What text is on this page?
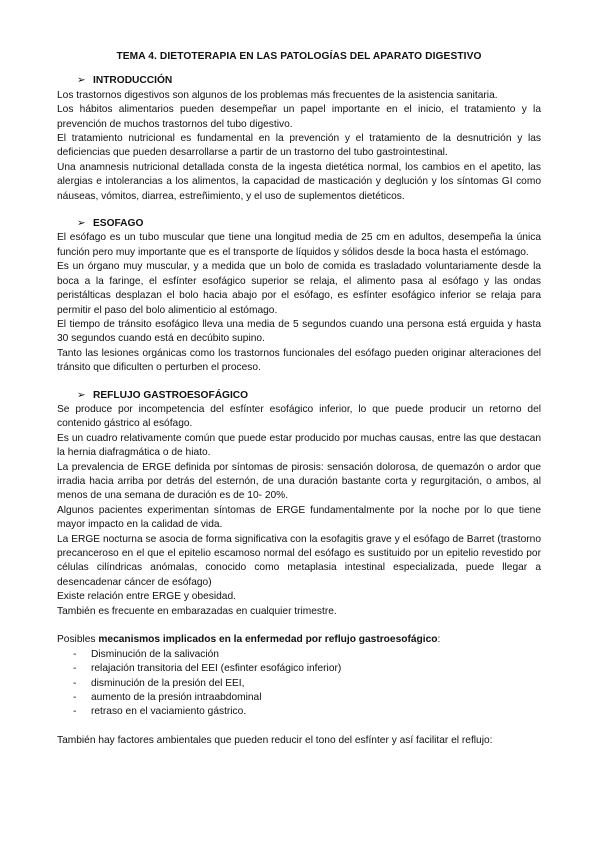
TEMA 4. DIETOTERAPIA EN LAS PATOLOGÍAS DEL APARATO DIGESTIVO
➢ INTRODUCCIÓN

Los trastornos digestivos son algunos de los problemas más frecuentes de la asistencia sanitaria.

Los hábitos alimentarios pueden desempeñar un papel importante en el inicio, el tratamiento y la prevención de muchos trastornos del tubo digestivo.

El tratamiento nutricional es fundamental en la prevención y el tratamiento de la desnutrición y las deficiencias que pueden desarrollarse a partir de un trastorno del tubo gastrointestinal.

Una anamnesis nutricional detallada consta de la ingesta dietética normal, los cambios en el apetito, las alergias e intolerancias a los alimentos, la capacidad de masticación y deglución y los síntomas GI como náuseas, vómitos, diarrea, estreñimiento, y el uso de suplementos dietéticos.

➢ ESOFAGO

El esófago es un tubo muscular que tiene una longitud media de 25 cm en adultos, desempeña la única función pero muy importante que es el transporte de líquidos y sólidos desde la boca hasta el estómago.

Es un órgano muy muscular, y a medida que un bolo de comida es trasladado voluntariamente desde la boca a la faringe, el esfínter esofágico superior se relaja, el alimento pasa al esófago y las ondas peristálticas desplazan el bolo hacia abajo por el esófago, es esfínter esofágico inferior se relaja para permitir el paso del bolo alimenticio al estómago.

El tiempo de tránsito esofágico lleva una media de 5 segundos cuando una persona está erguida y hasta 30 segundos cuando está en decúbito supino.

Tanto las lesiones orgánicas como los trastornos funcionales del esófago pueden originar alteraciones del tránsito que dificulten o perturben el proceso.

➢ REFLUJO GASTROESOFÁGICO

Se produce por incompetencia del esfínter esofágico inferior, lo que puede producir un retorno del contenido gástrico al esófago.

Es un cuadro relativamente común que puede estar producido por muchas causas, entre las que destacan la hernia diafragmática o de hiato.

La prevalencia de ERGE definida por síntomas de pirosis: sensación dolorosa, de quemazón o ardor que irradia hacia arriba por detrás del esternón, de una duración bastante corta y regurgitación, o ambos, al menos de una semana de duración es de 10- 20%.

Algunos pacientes experimentan síntomas de ERGE fundamentalmente por la noche por lo que tiene mayor impacto en la calidad de vida.

La ERGE nocturna se asocia de forma significativa con la esofagitis grave y el esófago de Barret (trastorno precanceroso en el que el epitelio escamoso normal del esófago es sustituido por un epitelio revestido por células cilíndricas anómalas, conocido como metaplasia intestinal especializada, puede llegar a desencadenar cáncer de esófago)

Existe relación entre ERGE y obesidad.

También es frecuente en embarazadas en cualquier trimestre.

Posibles mecanismos implicados en la enfermedad por reflujo gastroesofágico:

- Disminución de la salivación
- relajación transitoria del EEI (esfinter esofágico inferior)
- disminución de la presión del EEI,
- aumento de la presión intraabdominal
- retraso en el vaciamiento gástrico.

También hay factores ambientales que pueden reducir el tono del esfínter y así facilitar el reflujo:
